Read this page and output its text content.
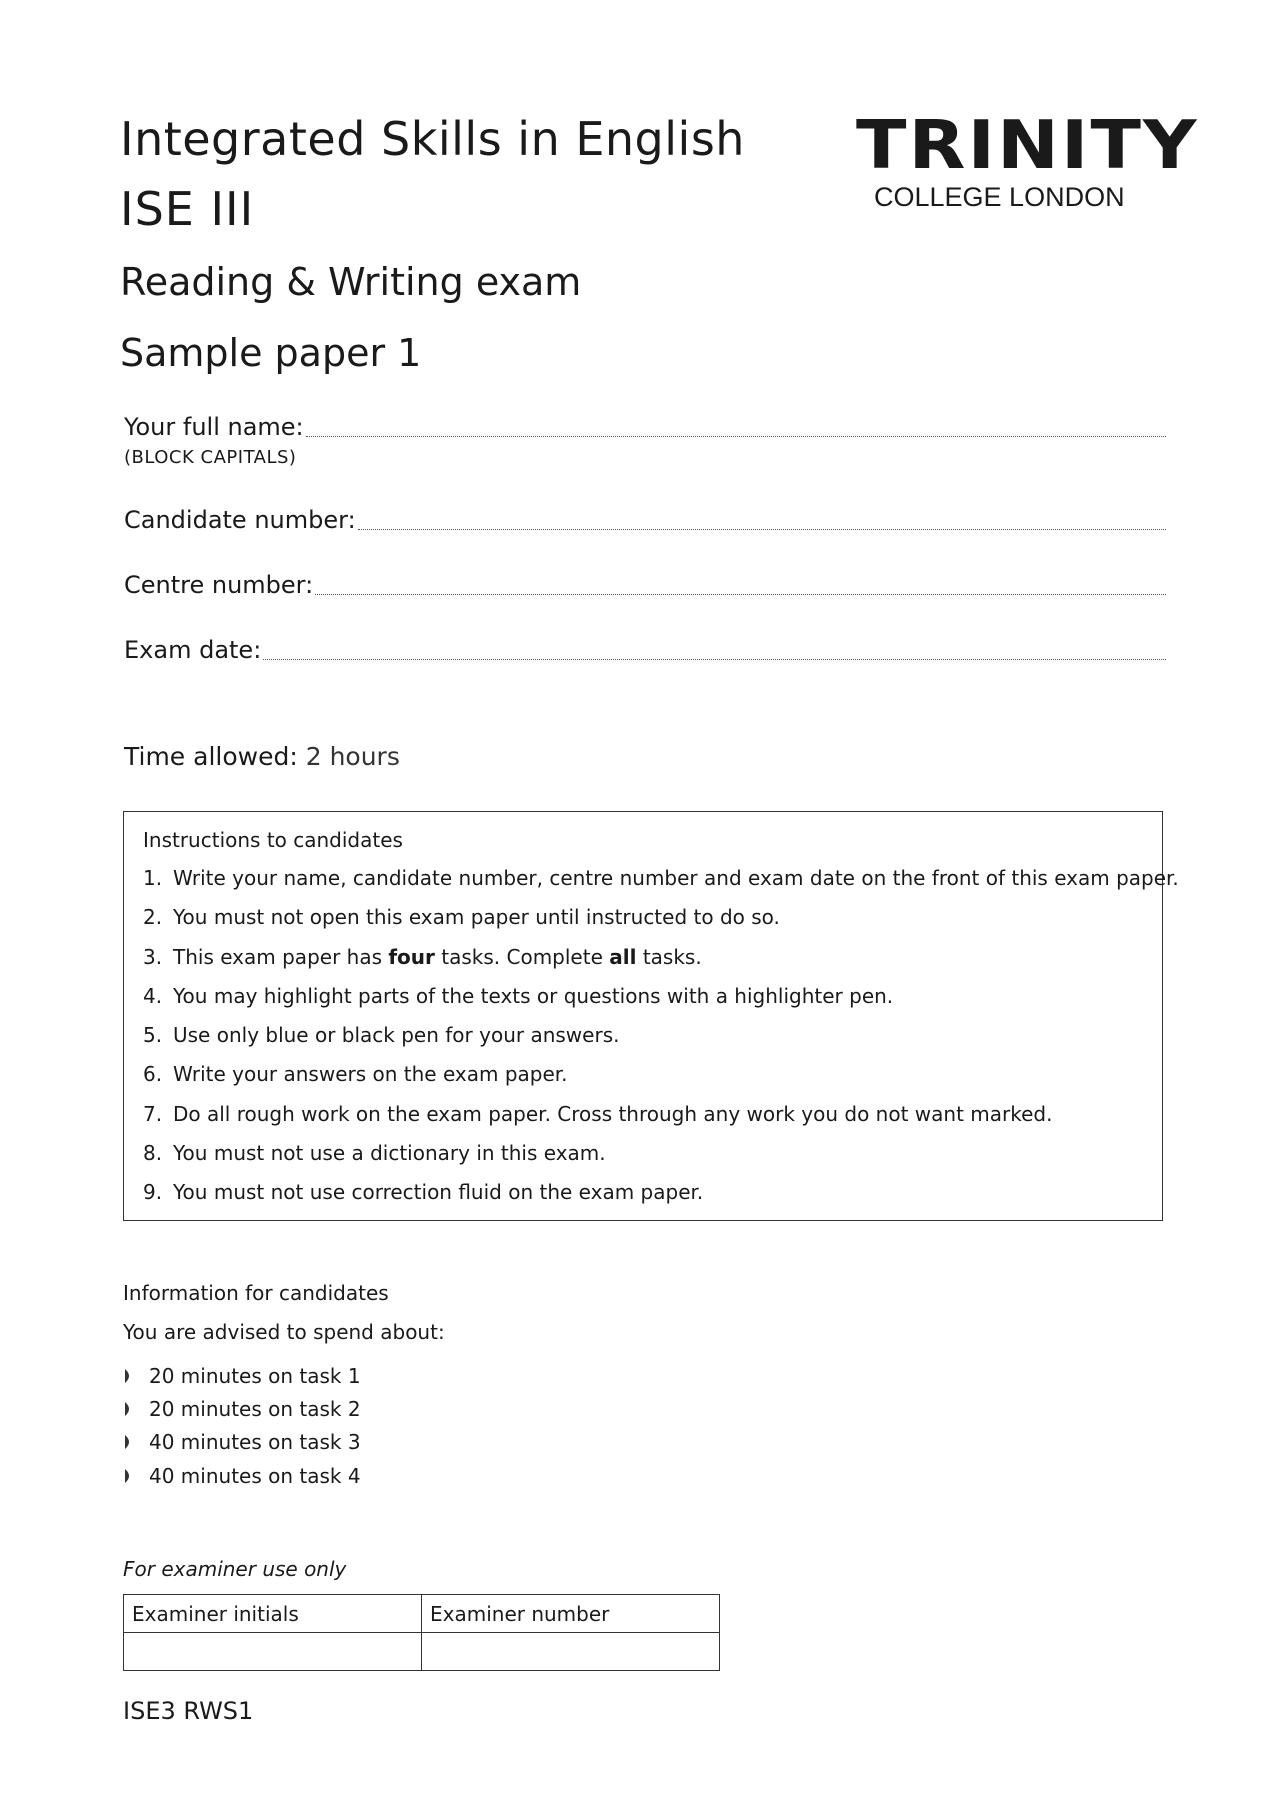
Integrated Skills in English
ISE III
Reading & Writing exam
Sample paper 1
TRINITY
COLLEGE LONDON
Your full name:
(BLOCK CAPITALS)
Candidate number:
Centre number:
Exam date:
Time allowed: 2 hours
Instructions to candidates
1. Write your name, candidate number, centre number and exam date on the front of this exam paper.
2. You must not open this exam paper until instructed to do so.
3. This exam paper has four tasks. Complete all tasks.
4. You may highlight parts of the texts or questions with a highlighter pen.
5. Use only blue or black pen for your answers.
6. Write your answers on the exam paper.
7. Do all rough work on the exam paper. Cross through any work you do not want marked.
8. You must not use a dictionary in this exam.
9. You must not use correction fluid on the exam paper.
Information for candidates
You are advised to spend about:
20 minutes on task 1
20 minutes on task 2
40 minutes on task 3
40 minutes on task 4
For examiner use only
Examiner initials	Examiner number

ISE3 RWS1
